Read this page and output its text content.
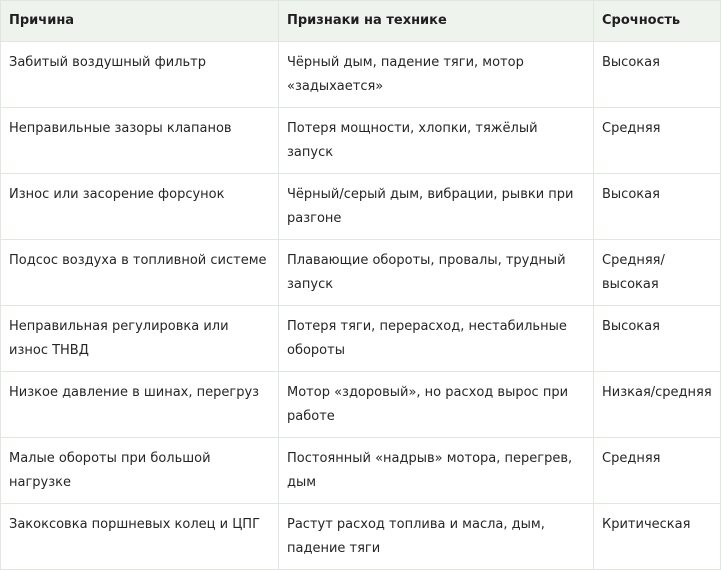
Причина	Признаки на технике	Срочность
Забитый воздушный фильтр	Чёрный дым, падение тяги, мотор «задыхается»	Высокая
Неправильные зазоры клапанов	Потеря мощности, хлопки, тяжёлый запуск	Средняя
Износ или засорение форсунок	Чёрный/серый дым, вибрации, рывки при разгоне	Высокая
Подсос воздуха в топливной системе	Плавающие обороты, провалы, трудный запуск	Средняя/ высокая
Неправильная регулировка или износ ТНВД	Потеря тяги, перерасход, нестабильные обороты	Высокая
Низкое давление в шинах, перегруз	Мотор «здоровый», но расход вырос при работе	Низкая/средняя
Малые обороты при большой нагрузке	Постоянный «надрыв» мотора, перегрев, дым	Средняя
Закоксовка поршневых колец и ЦПГ	Растут расход топлива и масла, дым, падение тяги	Критическая
